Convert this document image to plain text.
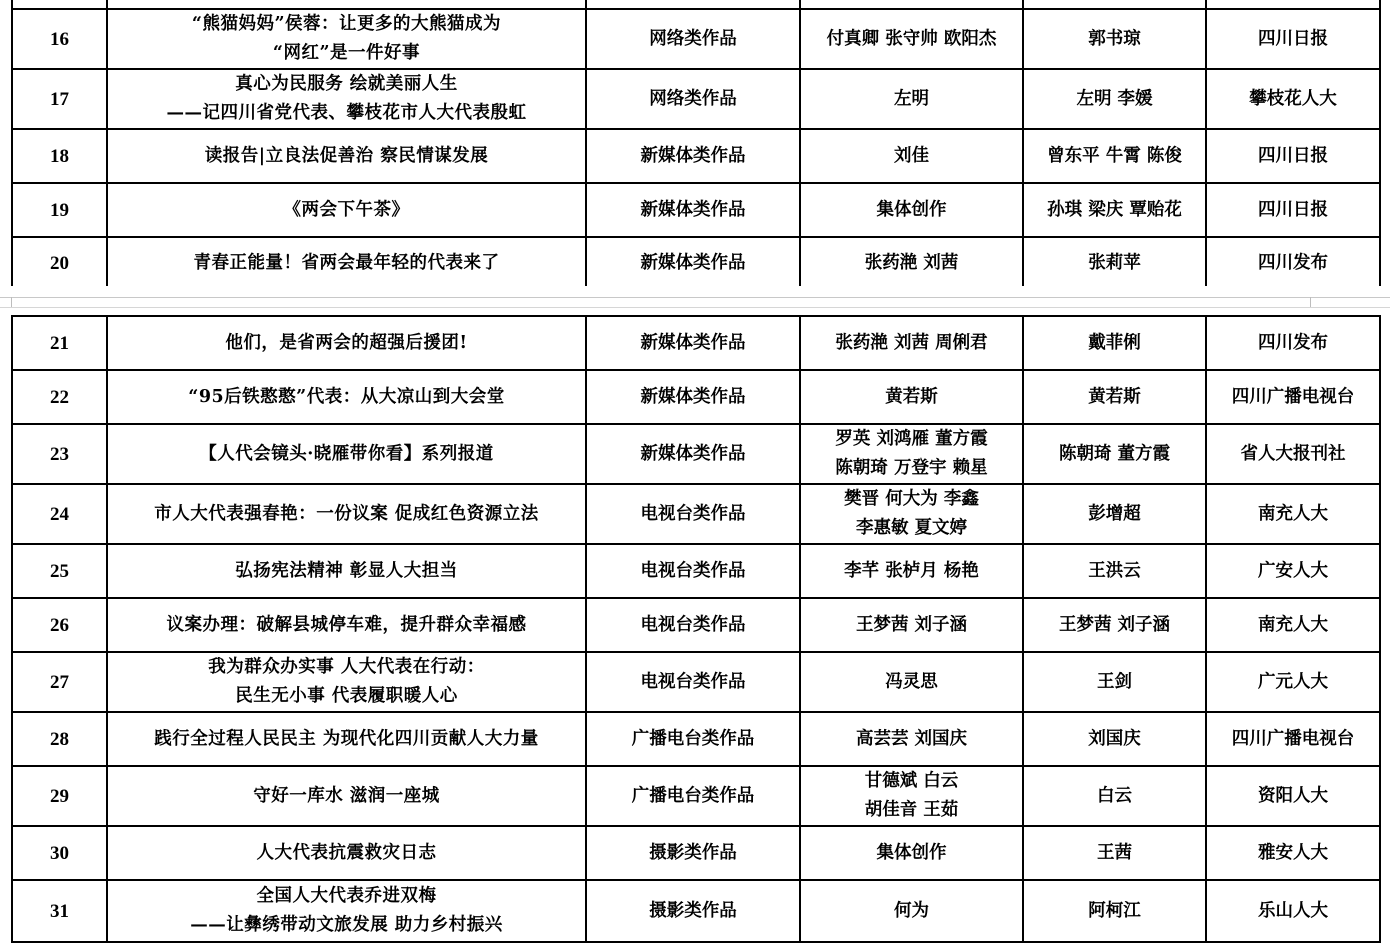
16	“熊猫妈妈”侯蓉：让更多的大熊猫成为
“网红”是一件好事	网络类作品	付真卿 张守帅 欧阳杰	郭书琼	四川日报
17	真心为民服务 绘就美丽人生
——记四川省党代表、攀枝花市人大代表殷虹	网络类作品	左明	左明 李媛	攀枝花人大
18	读报告|立良法促善治 察民情谋发展	新媒体类作品	刘佳	曾东平 牛霄 陈俊	四川日报
19	《两会下午茶》	新媒体类作品	集体创作	孙琪 梁庆 覃贻花	四川日报
20	青春正能量！省两会最年轻的代表来了	新媒体类作品	张药滟 刘茜	张莉苹	四川发布
21	他们，是省两会的超强后援团!	新媒体类作品	张药滟 刘茜 周俐君	戴菲俐	四川发布
22	“95后铁憨憨”代表：从大凉山到大会堂	新媒体类作品	黄若斯	黄若斯	四川广播电视台
23	【人代会镜头·晓雁带你看】系列报道	新媒体类作品	罗英 刘鸿雁 董方霞
陈朝琦 万登宇 赖星	陈朝琦 董方霞	省人大报刊社
24	市人大代表强春艳：一份议案 促成红色资源立法	电视台类作品	樊晋 何大为 李鑫
李惠敏 夏文婷	彭增超	南充人大
25	弘扬宪法精神 彰显人大担当	电视台类作品	李芊 张栌月 杨艳	王洪云	广安人大
26	议案办理：破解县城停车难，提升群众幸福感	电视台类作品	王梦茜 刘子涵	王梦茜 刘子涵	南充人大
27	我为群众办实事 人大代表在行动：
民生无小事 代表履职暖人心	电视台类作品	冯灵思	王剑	广元人大
28	践行全过程人民民主 为现代化四川贡献人大力量	广播电台类作品	高芸芸 刘国庆	刘国庆	四川广播电视台
29	守好一库水 滋润一座城	广播电台类作品	甘德斌 白云
胡佳音 王茹	白云	资阳人大
30	人大代表抗震救灾日志	摄影类作品	集体创作	王茜	雅安人大
31	全国人大代表乔进双梅
——让彝绣带动文旅发展 助力乡村振兴	摄影类作品	何为	阿柯江	乐山人大
